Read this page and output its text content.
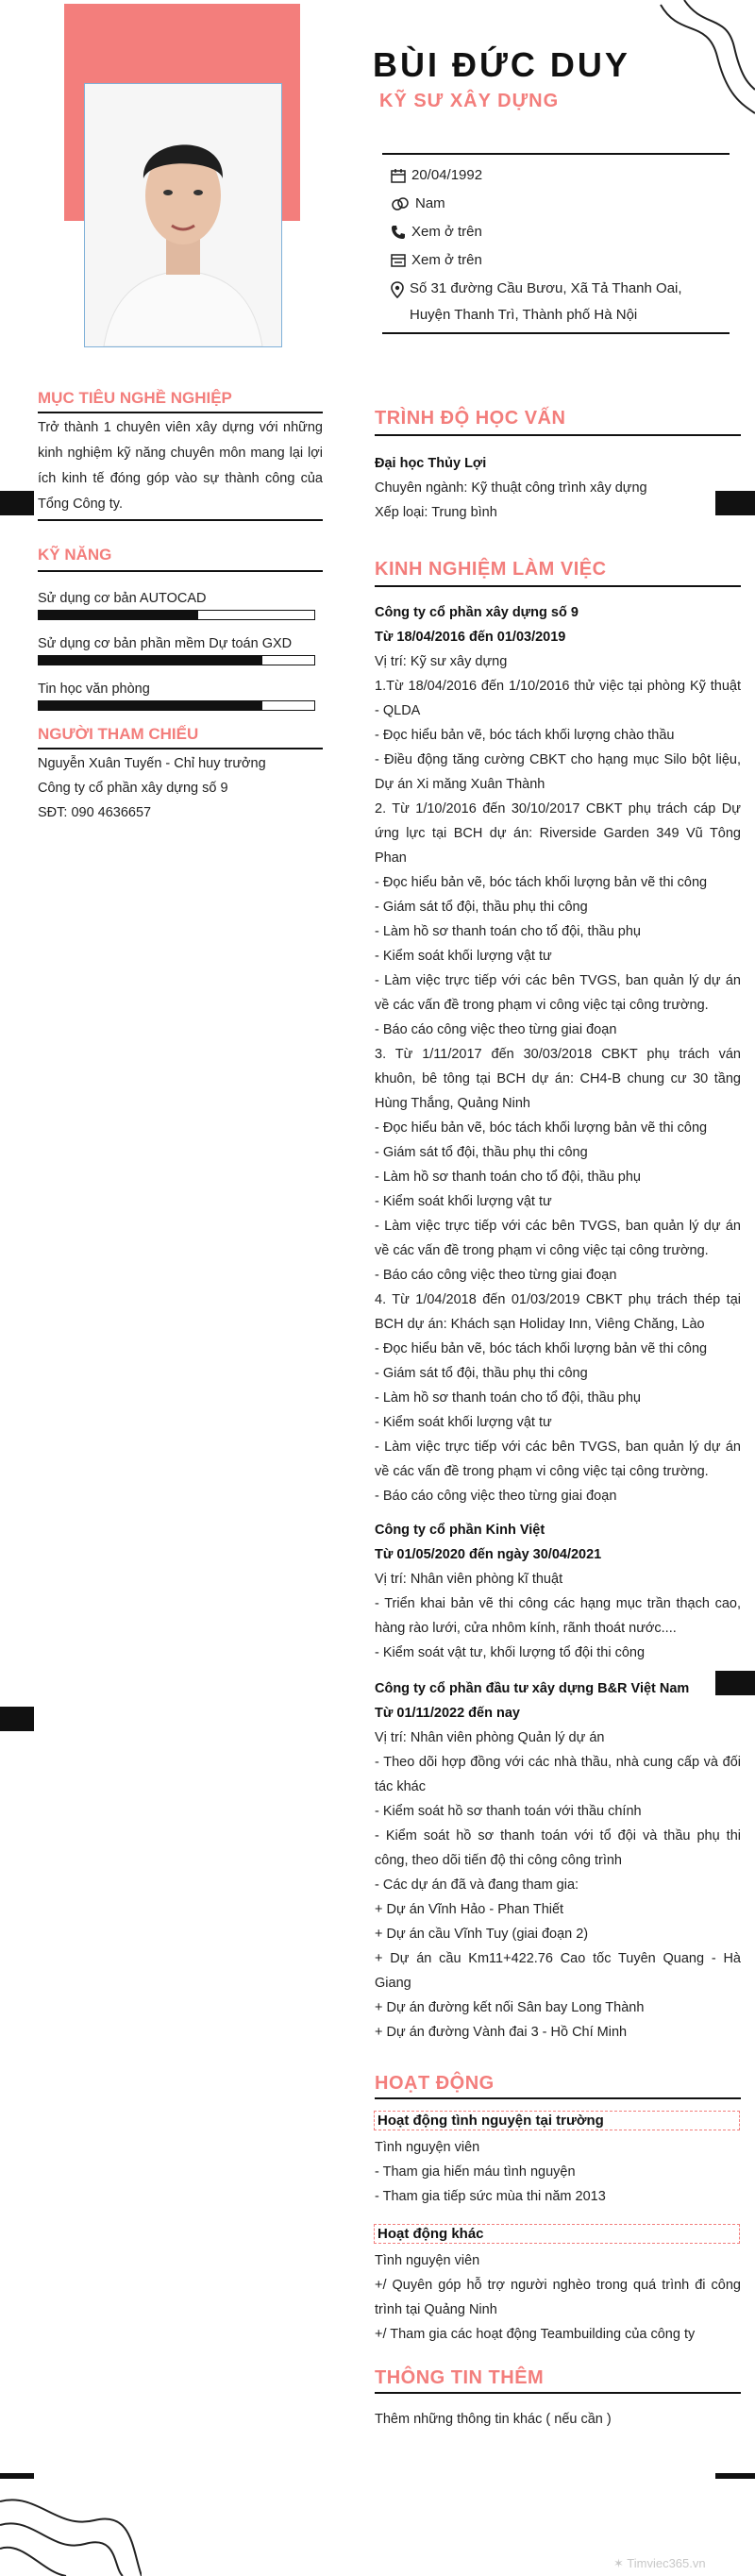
BÙI ĐỨC DUY
KỸ SƯ XÂY DỰNG
20/04/1992
Nam
Xem ở trên
Xem ở trên
Số 31 đường Cầu Bươu, Xã Tả Thanh Oai, Huyện Thanh Trì, Thành phố Hà Nội
MỤC TIÊU NGHỀ NGHIỆP
Trở thành 1 chuyên viên xây dựng với những kinh nghiệm kỹ năng chuyên môn mang lại lợi ích kinh tế đóng góp vào sự thành công của Tổng Công ty.
KỸ NĂNG
Sử dụng cơ bản AUTOCAD
Sử dụng cơ bản phần mềm Dự toán GXD
Tin học văn phòng
NGƯỜI THAM CHIẾU
Nguyễn Xuân Tuyến - Chỉ huy trưởng
Công ty cổ phần xây dựng số 9
SĐT: 090 4636657
TRÌNH ĐỘ HỌC VẤN
Đại học Thủy Lợi
Chuyên ngành: Kỹ thuật công trình xây dựng
Xếp loại: Trung bình
KINH NGHIỆM LÀM VIỆC
Công ty cổ phần xây dựng số 9
Từ 18/04/2016 đến 01/03/2019
Vị trí: Kỹ sư xây dựng
1.Từ 18/04/2016 đến 1/10/2016 thử việc tại phòng Kỹ thuật - QLDA
- Đọc hiểu bản vẽ, bóc tách khối lượng chào thầu
- Điều động tăng cường CBKT cho hạng mục Silo bột liệu, Dự án Xi măng Xuân Thành
2. Từ 1/10/2016 đến 30/10/2017 CBKT phụ trách cáp Dự ứng lực tại BCH dự án: Riverside Garden 349 Vũ Tông Phan
- Đọc hiểu bản vẽ, bóc tách khối lượng bản vẽ thi công
- Giám sát tổ đội, thầu phụ thi công
- Làm hồ sơ thanh toán cho tổ đội, thầu phụ
- Kiểm soát khối lượng vật tư
- Làm việc trực tiếp với các bên TVGS, ban quản lý dự án về các vấn đề trong phạm vi công việc tại công trường.
- Báo cáo công việc theo từng giai đoạn
3. Từ 1/11/2017 đến 30/03/2018 CBKT phụ trách ván khuôn, bê tông tại BCH dự án: CH4-B chung cư 30 tầng Hùng Thắng, Quảng Ninh
- Đọc hiểu bản vẽ, bóc tách khối lượng bản vẽ thi công
- Giám sát tổ đội, thầu phụ thi công
- Làm hồ sơ thanh toán cho tổ đội, thầu phụ
- Kiểm soát khối lượng vật tư
- Làm việc trực tiếp với các bên TVGS, ban quản lý dự án về các vấn đề trong phạm vi công việc tại công trường.
- Báo cáo công việc theo từng giai đoạn
4. Từ 1/04/2018 đến 01/03/2019 CBKT phụ trách thép tại BCH dự án: Khách sạn Holiday Inn, Viêng Chăng, Lào
- Đọc hiểu bản vẽ, bóc tách khối lượng bản vẽ thi công
- Giám sát tổ đội, thầu phụ thi công
- Làm hồ sơ thanh toán cho tổ đội, thầu phụ
- Kiểm soát khối lượng vật tư
- Làm việc trực tiếp với các bên TVGS, ban quản lý dự án về các vấn đề trong phạm vi công việc tại công trường.
- Báo cáo công việc theo từng giai đoạn
Công ty cổ phần Kinh Việt
Từ 01/05/2020 đến ngày 30/04/2021
Vị trí: Nhân viên phòng kĩ thuật
- Triển khai bản vẽ thi công các hạng mục trần thạch cao, hàng rào lưới, cửa nhôm kính, rãnh thoát nước....
- Kiểm soát vật tư, khối lượng tổ đội thi công
Công ty cổ phần đầu tư xây dựng B&R Việt Nam
Từ 01/11/2022 đến nay
Vị trí: Nhân viên phòng Quản lý dự án
- Theo dõi hợp đồng với các nhà thầu, nhà cung cấp và đối tác khác
- Kiểm soát hồ sơ thanh toán với thầu chính
- Kiểm soát hồ sơ thanh toán với tổ đội và thầu phụ thi công, theo dõi tiến độ thi công công trình
- Các dự án đã và đang tham gia:
+ Dự án Vĩnh Hảo - Phan Thiết
+ Dự án cầu Vĩnh Tuy (giai đoạn 2)
+ Dự án cầu Km11+422.76 Cao tốc Tuyên Quang - Hà Giang
+ Dự án đường kết nối Sân bay Long Thành
+ Dự án đường Vành đai 3 - Hồ Chí Minh
HOẠT ĐỘNG
Hoạt động tình nguyện tại trường
Tình nguyện viên
- Tham gia hiến máu tình nguyện
- Tham gia tiếp sức mùa thi năm 2013
Hoạt động khác
Tình nguyện viên
+/ Quyên góp hỗ trợ người nghèo trong quá trình đi công trình tại Quảng Ninh
+/ Tham gia các hoạt động Teambuilding của công ty
THÔNG TIN THÊM
Thêm những thông tin khác ( nếu cần )
✶ Timviec365.vn
